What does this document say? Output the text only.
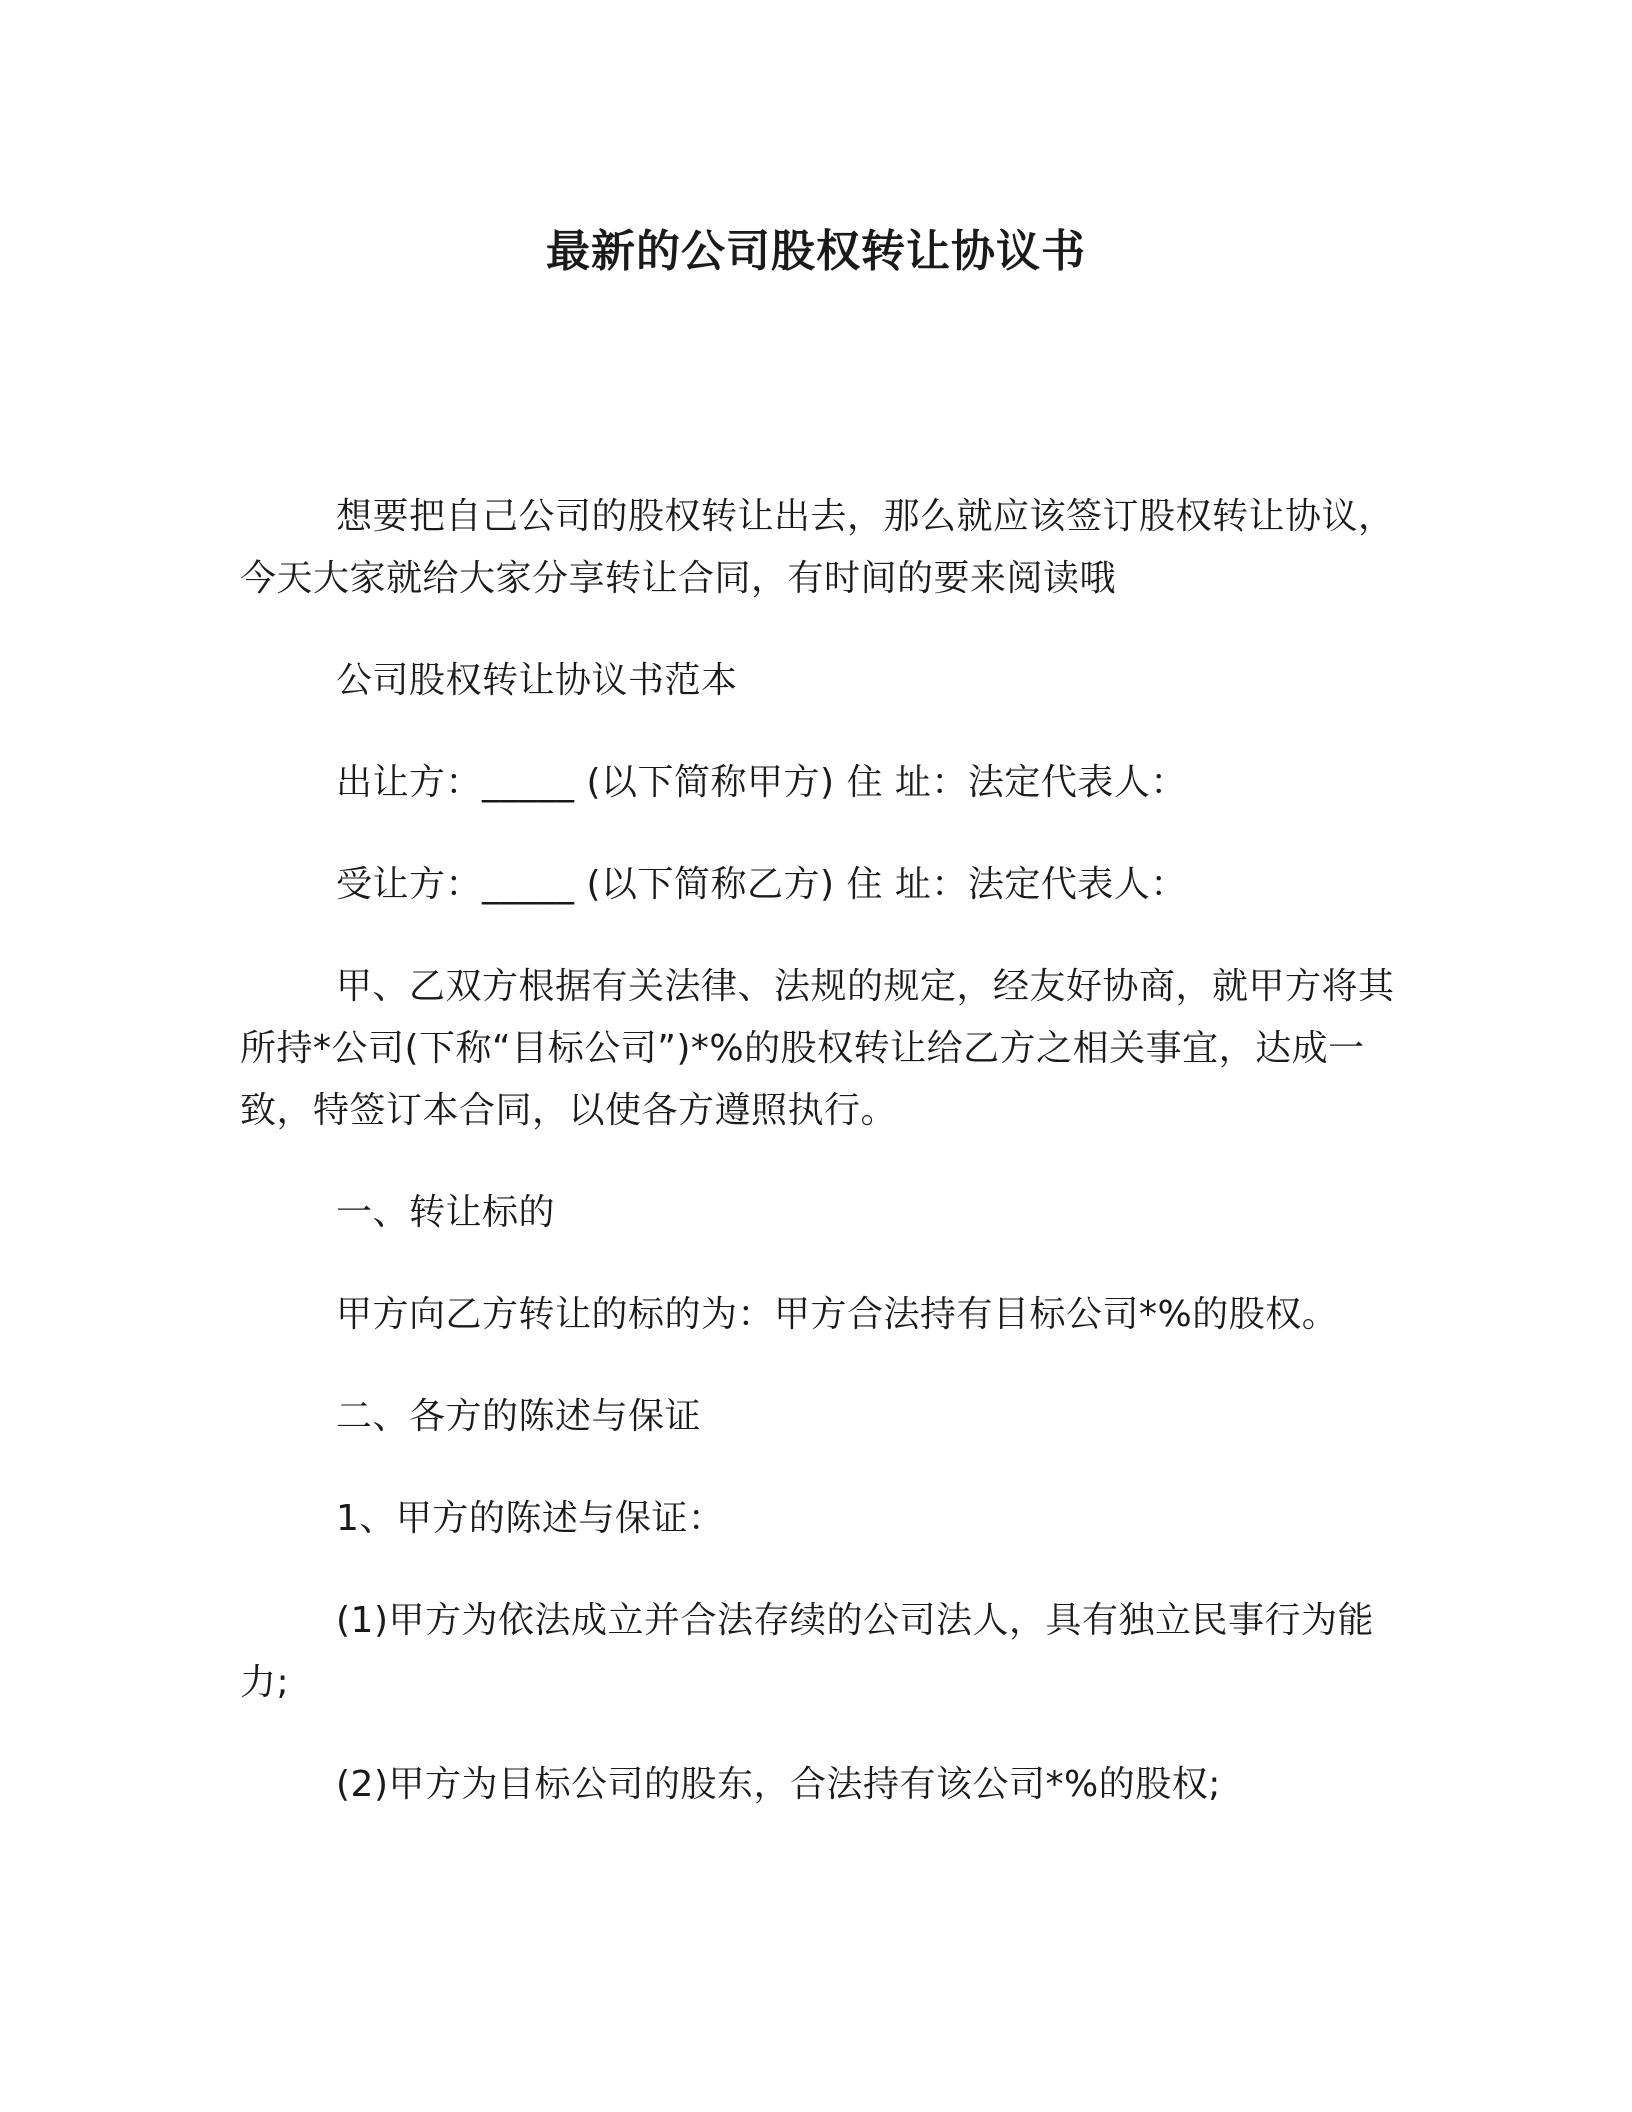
最新的公司股权转让协议书

想要把自己公司的股权转让出去，那么就应该签订股权转让协议，今天大家就给大家分享转让合同，有时间的要来阅读哦

公司股权转让协议书范本

出让方：_____ (以下简称甲方) 住 址：法定代表人：

受让方：_____ (以下简称乙方) 住 址：法定代表人：

甲、乙双方根据有关法律、法规的规定，经友好协商，就甲方将其所持*公司(下称“目标公司”)*%的股权转让给乙方之相关事宜，达成一致，特签订本合同，以使各方遵照执行。

一、转让标的

甲方向乙方转让的标的为：甲方合法持有目标公司*%的股权。

二、各方的陈述与保证

1、甲方的陈述与保证：

(1)甲方为依法成立并合法存续的公司法人，具有独立民事行为能力;

(2)甲方为目标公司的股东，合法持有该公司*%的股权;
